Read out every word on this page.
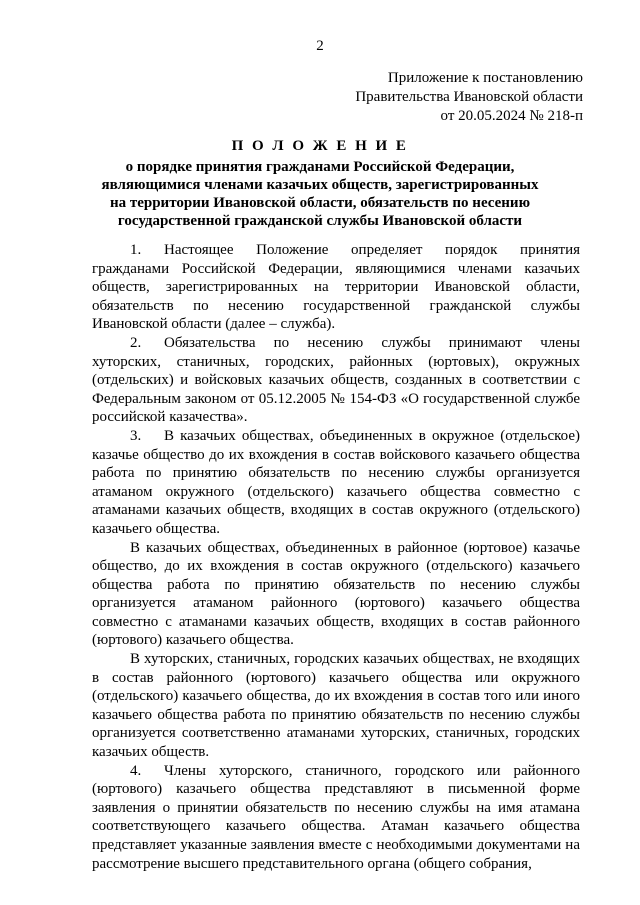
2
Приложение к постановлению
Правительства Ивановской области
от 20.05.2024 № 218-п
П О Л О Ж Е Н И Е
о порядке принятия гражданами Российской Федерации,
являющимися членами казачьих обществ, зарегистрированных
на территории Ивановской области, обязательств по несению
государственной гражданской службы Ивановской области

1. Настоящее Положение определяет порядок принятия гражданами Российской Федерации, являющимися членами казачьих обществ, зарегистрированных на территории Ивановской области, обязательств по несению государственной гражданской службы Ивановской области (далее – служба).

2. Обязательства по несению службы принимают члены хуторских, станичных, городских, районных (юртовых), окружных (отдельских) и войсковых казачьих обществ, созданных в соответствии с Федеральным законом от 05.12.2005 № 154-ФЗ «О государственной службе российской казачества».

3. В казачьих обществах, объединенных в окружное (отдельское) казачье общество до их вхождения в состав войскового казачьего общества работа по принятию обязательств по несению службы организуется атаманом окружного (отдельского) казачьего общества совместно с атаманами казачьих обществ, входящих в состав окружного (отдельского) казачьего общества.

В казачьих обществах, объединенных в районное (юртовое) казачье общество, до их вхождения в состав окружного (отдельского) казачьего общества работа по принятию обязательств по несению службы организуется атаманом районного (юртового) казачьего общества совместно с атаманами казачьих обществ, входящих в состав районного (юртового) казачьего общества.

В хуторских, станичных, городских казачьих обществах, не входящих в состав районного (юртового) казачьего общества или окружного (отдельского) казачьего общества, до их вхождения в состав того или иного казачьего общества работа по принятию обязательств по несению службы организуется соответственно атаманами хуторских, станичных, городских казачьих обществ.

4. Члены хуторского, станичного, городского или районного (юртового) казачьего общества представляют в письменной форме заявления о принятии обязательств по несению службы на имя атамана соответствующего казачьего общества. Атаман казачьего общества представляет указанные заявления вместе с необходимыми документами на рассмотрение высшего представительного органа (общего собрания,
